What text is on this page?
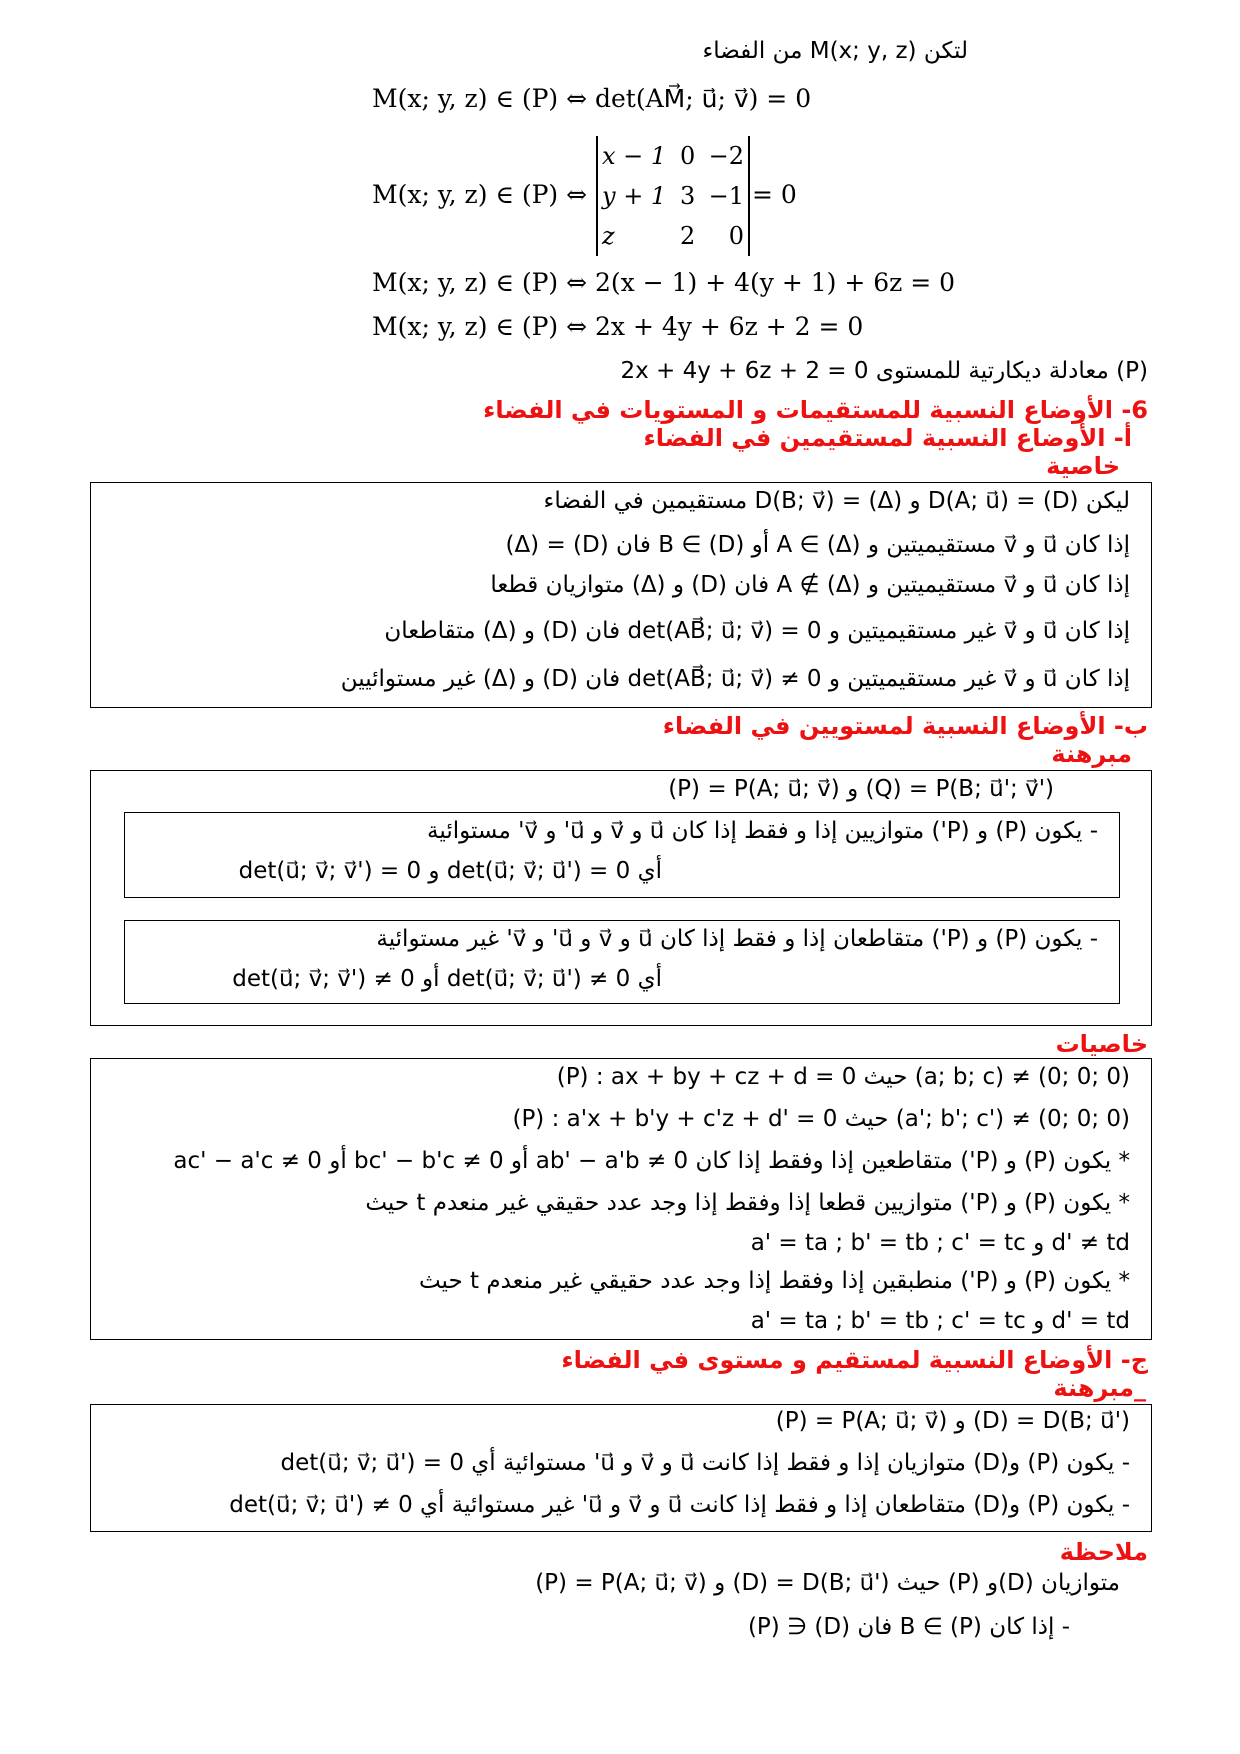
لتكن M(x; y, z) من الفضاء
M(x; y, z) ∈ (P) ⇔ det(AM⃗; u⃗; v⃗) = 0
M(x; y, z) ∈ (P) ⇔
x − 1 0 −2
y + 1 3 −1
z	2	0
= 0
M(x; y, z) ∈ (P) ⇔ 2(x − 1) + 4(y + 1) + 6z = 0
M(x; y, z) ∈ (P) ⇔ 2x + 4y + 6z + 2 = 0
2x + 4y + 6z + 2 = 0 معادلة ديكارتية للمستوى (P)
6- الأوضاع النسبية للمستقيمات و المستويات في الفضاء
أ- الأوضاع النسبية لمستقيمين في الفضاء
خاصية
ليكن (D) = D(A; u⃗) و (Δ) = D(B; v⃗) مستقيمين في الفضاء
إذا كان u⃗ و v⃗ مستقيميتين و A ∈ (Δ) أو B ∈ (D) فان (D) = (Δ)
إذا كان u⃗ و v⃗ مستقيميتين و A ∉ (Δ) فان (D) و (Δ) متوازيان قطعا
إذا كان u⃗ و v⃗ غير مستقيميتين و det(AB⃗; u⃗; v⃗) = 0 فان (D) و (Δ) متقاطعان
إذا كان u⃗ و v⃗ غير مستقيميتين و det(AB⃗; u⃗; v⃗) ≠ 0 فان (D) و (Δ) غير مستوائيين
ب- الأوضاع النسبية لمستويين في الفضاء
مبرهنة
(P) = P(A; u⃗; v⃗) و (Q) = P(B; u⃗'; v⃗')
- يكون (P) و (P') متوازيين إذا و فقط إذا كان u⃗ و v⃗ و u⃗' و v⃗' مستوائية
أي det(u⃗; v⃗; u⃗') = 0 و det(u⃗; v⃗; v⃗') = 0
- يكون (P) و (P') متقاطعان إذا و فقط إذا كان u⃗ و v⃗ و u⃗' و v⃗' غير مستوائية
أي det(u⃗; v⃗; u⃗') ≠ 0 أو det(u⃗; v⃗; v⃗') ≠ 0
خاصيات
(P) : ax + by + cz + d = 0 حيث (a; b; c) ≠ (0; 0; 0)
(P) : a'x + b'y + c'z + d' = 0 حيث (a'; b'; c') ≠ (0; 0; 0)
* يكون (P) و (P') متقاطعين إذا وفقط إذا كان ab' − a'b ≠ 0 أو bc' − b'c ≠ 0 أو ac' − a'c ≠ 0
* يكون (P) و (P') متوازيين قطعا إذا وفقط إذا وجد عدد حقيقي غير منعدم t حيث
a' = ta ; b' = tb ; c' = tc و d' ≠ td
* يكون (P) و (P') منطبقين إذا وفقط إذا وجد عدد حقيقي غير منعدم t حيث
a' = ta ; b' = tb ; c' = tc و d' = td
ج- الأوضاع النسبية لمستقيم و مستوى في الفضاء
_مبرهنة
(P) = P(A; u⃗; v⃗) و (D) = D(B; u⃗')
- يكون (P) و(D) متوازيان إذا و فقط إذا كانت u⃗ و v⃗ و u⃗' مستوائية أي det(u⃗; v⃗; u⃗') = 0
- يكون (P) و(D) متقاطعان إذا و فقط إذا كانت u⃗ و v⃗ و u⃗' غير مستوائية أي det(u⃗; v⃗; u⃗') ≠ 0
ملاحظة
(P) = P(A; u⃗; v⃗) و (D) = D(B; u⃗') حيث (P) و(D) متوازيان
- إذا كان B ∈ (P) فان (D) ∈ (P)
